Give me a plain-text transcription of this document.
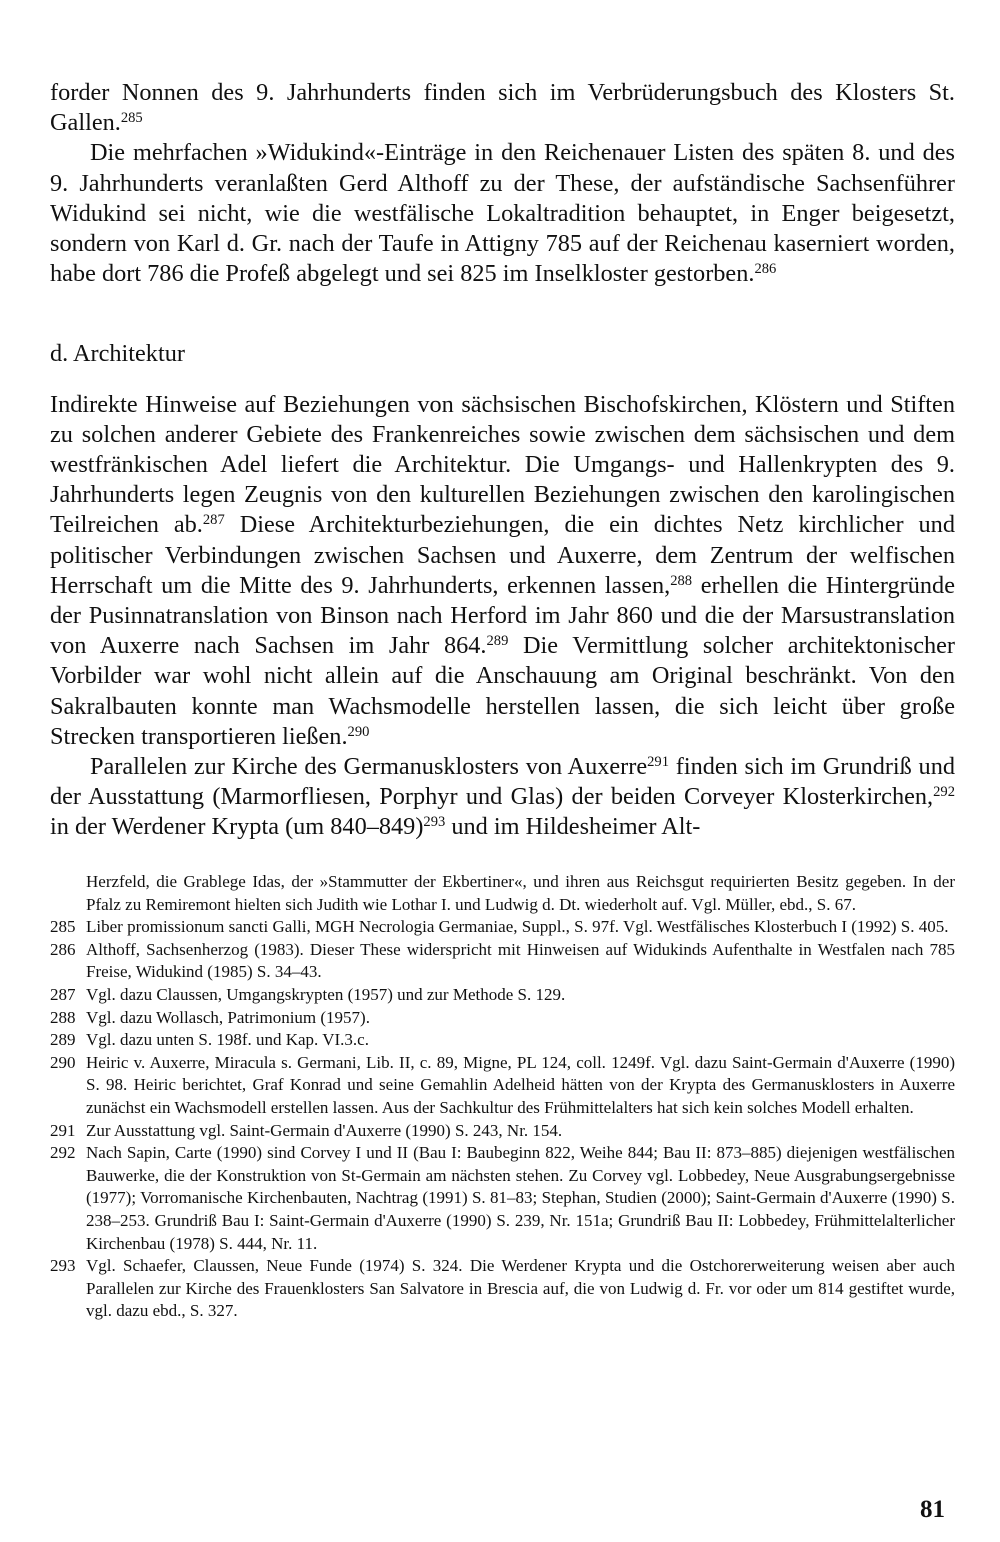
forder Nonnen des 9. Jahrhunderts finden sich im Verbrüderungsbuch des Klosters St. Gallen.$^{285}$

Die mehrfachen »Widukind«-Einträge in den Reichenauer Listen des späten 8. und des 9. Jahrhunderts veranlaßten Gerd Althoff zu der These, der aufständische Sachsenführer Widukind sei nicht, wie die westfälische Lokaltradition behauptet, in Enger beigesetzt, sondern von Karl d. Gr. nach der Taufe in Attigny 785 auf der Reichenau kaserniert worden, habe dort 786 die Profeß abgelegt und sei 825 im Inselkloster gestorben.$^{286}$

d. Architektur

Indirekte Hinweise auf Beziehungen von sächsischen Bischofskirchen, Klöstern und Stiften zu solchen anderer Gebiete des Frankenreiches sowie zwischen dem sächsischen und dem westfränkischen Adel liefert die Architektur. Die Umgangs- und Hallenkrypten des 9. Jahrhunderts legen Zeugnis von den kulturellen Beziehungen zwischen den karolingischen Teilreichen ab.$^{287}$ Diese Architekturbeziehungen, die ein dichtes Netz kirchlicher und politischer Verbindungen zwischen Sachsen und Auxerre, dem Zentrum der welfischen Herrschaft um die Mitte des 9. Jahrhunderts, erkennen lassen,$^{288}$ erhellen die Hintergründe der Pusinnatranslation von Binson nach Herford im Jahr 860 und die der Marsustranslation von Auxerre nach Sachsen im Jahr 864.$^{289}$ Die Vermittlung solcher architektonischer Vorbilder war wohl nicht allein auf die Anschauung am Original beschränkt. Von den Sakralbauten konnte man Wachsmodelle herstellen lassen, die sich leicht über große Strecken transportieren ließen.$^{290}$

Parallelen zur Kirche des Germanusklosters von Auxerre$^{291}$ finden sich im Grundriß und der Ausstattung (Marmorfliesen, Porphyr und Glas) der beiden Corveyer Klosterkirchen,$^{292}$ in der Werdener Krypta (um 840–849)$^{293}$ und im Hildesheimer Alt-

Herzfeld, die Grablege Idas, der »Stammutter der Ekbertiner«, und ihren aus Reichsgut requirierten Besitz gegeben. In der Pfalz zu Remiremont hielten sich Judith wie Lothar I. und Ludwig d. Dt. wiederholt auf. Vgl. Müller, ebd., S. 67.

285 Liber promissionum sancti Galli, MGH Necrologia Germaniae, Suppl., S. 97f. Vgl. Westfälisches Klosterbuch I (1992) S. 405.

286 Althoff, Sachsenherzog (1983). Dieser These widerspricht mit Hinweisen auf Widukinds Aufenthalte in Westfalen nach 785 Freise, Widukind (1985) S. 34–43.

287 Vgl. dazu Claussen, Umgangskrypten (1957) und zur Methode S. 129.

288 Vgl. dazu Wollasch, Patrimonium (1957).

289 Vgl. dazu unten S. 198f. und Kap. VI.3.c.

290 Heiric v. Auxerre, Miracula s. Germani, Lib. II, c. 89, Migne, PL 124, coll. 1249f. Vgl. dazu Saint-Germain d'Auxerre (1990) S. 98. Heiric berichtet, Graf Konrad und seine Gemahlin Adelheid hätten von der Krypta des Germanusklosters in Auxerre zunächst ein Wachsmodell erstellen lassen. Aus der Sachkultur des Frühmittelalters hat sich kein solches Modell erhalten.

291 Zur Ausstattung vgl. Saint-Germain d'Auxerre (1990) S. 243, Nr. 154.

292 Nach Sapin, Carte (1990) sind Corvey I und II (Bau I: Baubeginn 822, Weihe 844; Bau II: 873–885) diejenigen westfälischen Bauwerke, die der Konstruktion von St-Germain am nächsten stehen. Zu Corvey vgl. Lobbedey, Neue Ausgrabungsergebnisse (1977); Vorromanische Kirchenbauten, Nachtrag (1991) S. 81–83; Stephan, Studien (2000); Saint-Germain d'Auxerre (1990) S. 238–253. Grundriß Bau I: Saint-Germain d'Auxerre (1990) S. 239, Nr. 151a; Grundriß Bau II: Lobbedey, Frühmittelalterlicher Kirchenbau (1978) S. 444, Nr. 11.

293 Vgl. Schaefer, Claussen, Neue Funde (1974) S. 324. Die Werdener Krypta und die Ostchorerweiterung weisen aber auch Parallelen zur Kirche des Frauenklosters San Salvatore in Brescia auf, die von Ludwig d. Fr. vor oder um 814 gestiftet wurde, vgl. dazu ebd., S. 327.

81
